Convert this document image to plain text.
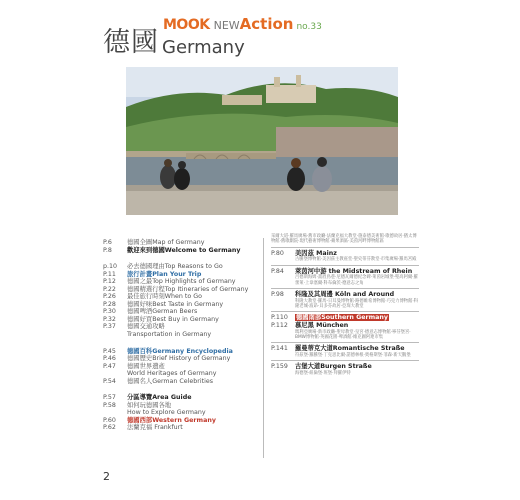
德國 Germany
MOOK NEWAction no.33
P.6	德國全圖Map of Germany
P.8	歡迎來到德國Welcome to Germany
p.10	必去德國理由Top Reasons to Go
P.11	旅行計畫Plan Your Trip
P.12	德國之最Top Highlights of Germany
P.22	德國精選行程Top Itineraries of Germany
P.26	最佳旅行時刻When to Go
P.28	德國好味Best Taste in Germany
P.30	德國啤酒German Beers
P.32	德國好買Best Buy in Germany
P.37	德國交通攻略
Transportation in Germany
P.45	德國百科Germany Encyclopedia
P.46	德國歷史Brief History of Germany
P.47	德國世界遺產
World Heritages of Germany
P.54	德國名人German Celebrities
P.57	分區導覽Area Guide
P.58	如何玩德國各地
How to Explore Germany
P.60	德國西部Western Germany
P.62	法蘭克福 Frankfurt
采爾大道‧羅馬廣場‧舊市政廳‧法蘭克福大教堂‧施泰德美術館‧歌德故居‧猶太博物館‧舊歌劇院‧現代藝術博物館‧蘋果酒區‧美茵河畔博物館區
P.80	美因茲 Mainz
古騰堡博物館‧美因茲主教座堂‧聖史蒂芬教堂‧市集廣場‧羅馬宮殿
P.84	萊茵河中游 the Midstream of Rhein
呂德斯海姆‧畫眉鳥巷‧尼德瓦爾德紀念碑‧萊茵岩城堡‧聖高阿爾‧羅蕾萊‧上韋塞爾‧科布倫茨‧德意志之角
P.98	科隆及其周邊 Köln and Around
科隆大教堂‧羅馬-日耳曼博物館‧路德維希博物館‧巧克力博物館‧科隆老城‧波昂‧貝多芬故居‧亞琛大教堂
P.110	德國南部Southern Germany
P.112	慕尼黑 München
瑪利亞廣場‧新市政廳‧聖母教堂‧皇宮‧德意志博物館‧寧芬堡宮‧BMW博物館‧英國花園‧啤酒館‧維克圖阿連市集
P.141	羅曼蒂克大道Romantische Straße
符茲堡‧羅騰堡‧丁克思比爾‧諾德林根‧奧格斯堡‧菲森‧新天鵝堡
P.159	古堡大道Burgen Straße
海德堡‧紐倫堡‧班堡‧拜羅伊特
2
